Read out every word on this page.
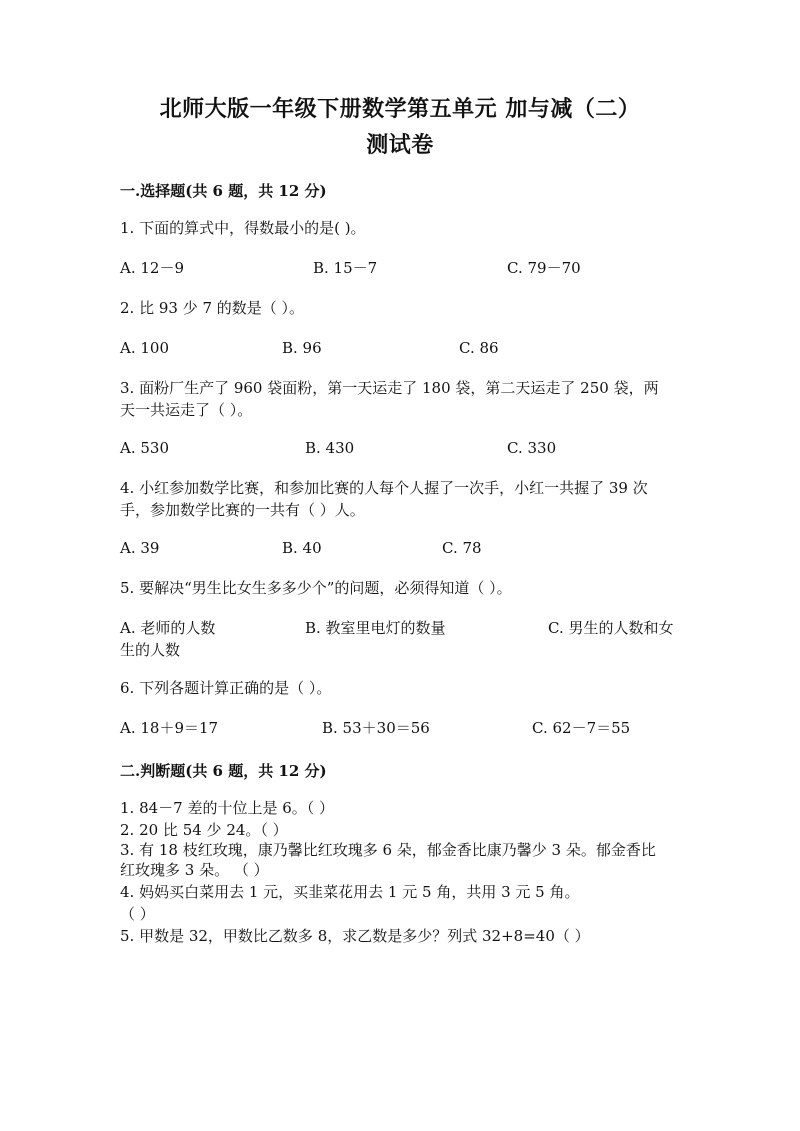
北师大版一年级下册数学第五单元 加与减（二）
测试卷
一.选择题(共 6 题，共 12 分)
1. 下面的算式中，得数最小的是( )。
A. 12－9	B. 15－7	C. 79－70
2. 比 93 少 7 的数是（ ）。
A. 100	B. 96	C. 86
3. 面粉厂生产了 960 袋面粉，第一天运走了 180 袋，第二天运走了 250 袋，两
天一共运走了（ ）。
A. 530	B. 430	C. 330
4. 小红参加数学比赛，和参加比赛的人每个人握了一次手，小红一共握了 39 次
手，参加数学比赛的一共有（ ）人。
A. 39	B. 40	C. 78
5. 要解决“男生比女生多多少个”的问题，必须得知道（ ）。
A. 老师的人数	B. 教室里电灯的数量	C. 男生的人数和女
生的人数
6. 下列各题计算正确的是（ ）。
A. 18＋9＝17	B. 53＋30＝56	C. 62－7＝55
二.判断题(共 6 题，共 12 分)
1. 84－7 差的十位上是 6。（ ）
2. 20 比 54 少 24。（ ）
3. 有 18 枝红玫瑰，康乃馨比红玫瑰多 6 朵，郁金香比康乃馨少 3 朵。郁金香比
红玫瑰多 3 朵。 （ ）
4. 妈妈买白菜用去 1 元，买韭菜花用去 1 元 5 角，共用 3 元 5 角。
（ ）
5. 甲数是 32，甲数比乙数多 8，求乙数是多少？列式 32+8=40（ ）
